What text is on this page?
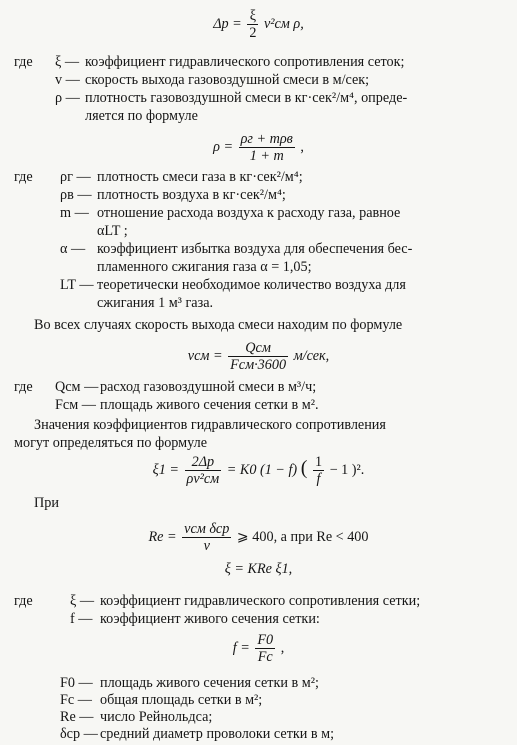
$\Delta p = \frac{\xi}{2} v^2см$ ρ,
где ξ — коэффициент гидравлического сопротивления сеток;
v — скорость выхода газовоздушной смеси в м/сек;
ρ — плотность газовоздушной смеси в кг·сек²/м⁴, опреде-
ляется по формуле
$\rho = \frac{\text{ρг + mρв}}{1 + m}$ ,
где ρг — плотность смеси газа в кг·сек²/м⁴;
ρв — плотность воздуха в кг·сек²/м⁴;
m — отношение расхода воздуха к расходу газа, равное
αLT ;
α — коэффициент избытка воздуха для обеспечения бес-
пламенного сжигания газа α = 1,05;
LT — теоретически необходимое количество воздуха для
сжигания 1 м³ газа.
Во всех случаях скорость выхода смеси находим по формуле
vсм = $\frac{\text{Qсм}}{\text{Fсм·3600}} м/сек$,
где Qсм — расход газовоздушной смеси в м³/ч;
Fсм — площадь живого сечения сетки в м².
Значения коэффициентов гидравлического сопротивления
могут определяться по формуле
$\xi 1 = \frac{2\Delta p}{\text{ρv²см}} = K0$ (1 − f) ( $\frac{1}{f} - 1$ )².
При
$Re = \frac{\text{vсм δср}}{\nu}$ ⩾ 400, а при Re < 400
ξ = KRe ξ1,
где	ξ — коэффициент гидравлического сопротивления сетки;
f — коэффициент живого сечения сетки:
$f = \frac{F0}{Fc}$ ,
F0 — площадь живого сечения сетки в м²;
Fc — общая площадь сетки в м²;
Re — число Рейнольдса;
δср — средний диаметр проволоки сетки в м;
